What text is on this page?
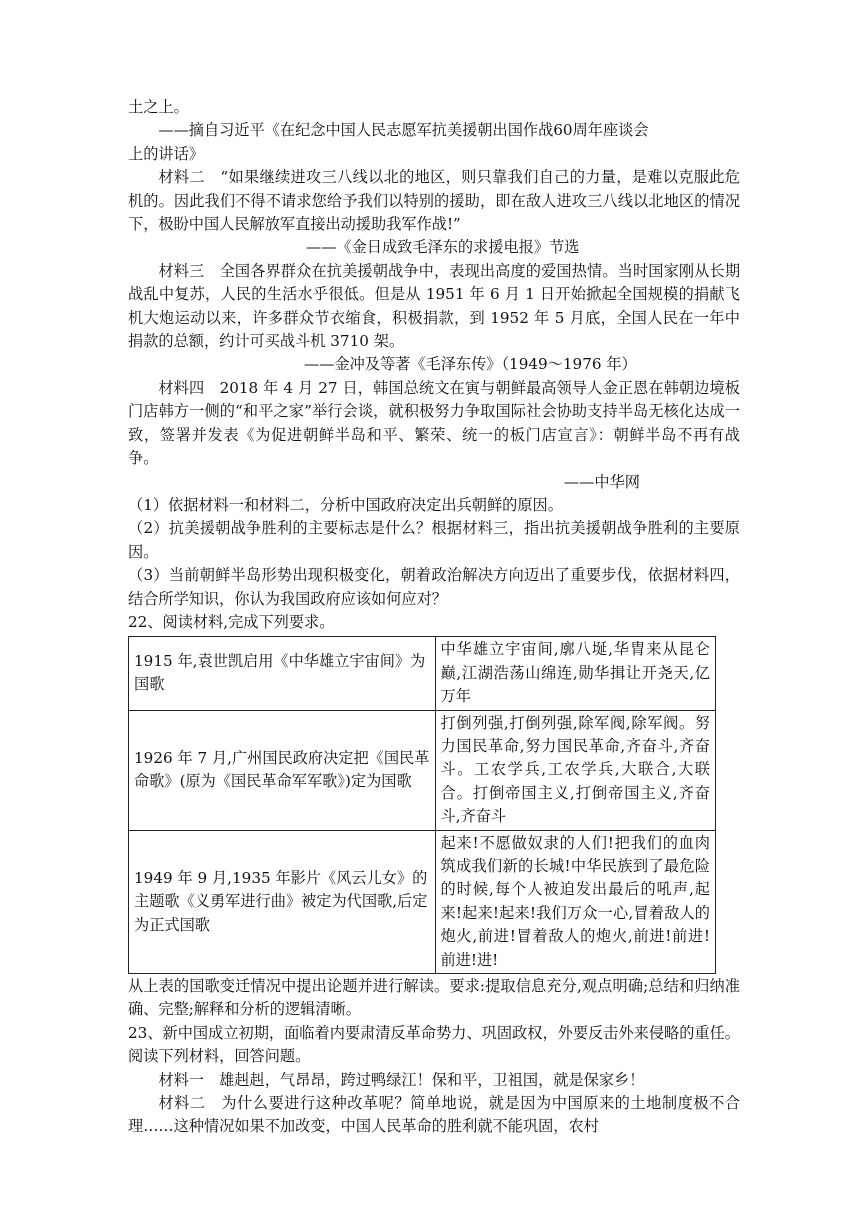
土之上。

——摘自习近平《在纪念中国人民志愿军抗美援朝出国作战60周年座谈会

上的讲话》

材料二　“如果继续进攻三八线以北的地区，则只靠我们自己的力量，是难以克服此危机的。因此我们不得不请求您给予我们以特别的援助，即在敌人进攻三八线以北地区的情况下，极盼中国人民解放军直接出动援助我军作战!”

——《金日成致毛泽东的求援电报》节选

材料三　全国各界群众在抗美援朝战争中，表现出高度的爱国热情。当时国家刚从长期战乱中复苏，人民的生活水乎很低。但是从 1951 年 6 月 1 日开始掀起全国规模的捐献飞机大炮运动以来，许多群众节衣缩食，积极捐款，到 1952 年 5 月底，全国人民在一年中捐款的总额，约计可买战斗机 3710 架。

——金冲及等著《毛泽东传》（1949～1976 年）

材料四　2018 年 4 月 27 日，韩国总统文在寅与朝鲜最高领导人金正恩在韩朝边境板门店韩方一侧的“和平之家”举行会谈，就积极努力争取国际社会协助支持半岛无核化达成一致，签署并发表《为促进朝鲜半岛和平、繁荣、统一的板门店宣言》：朝鲜半岛不再有战争。

——中华网

（1）依据材料一和材料二，分析中国政府决定出兵朝鲜的原因。

（2）抗美援朝战争胜利的主要标志是什么？根据材料三，指出抗美援朝战争胜利的主要原因。

（3）当前朝鲜半岛形势出现积极变化，朝着政治解决方向迈出了重要步伐，依据材料四，结合所学知识，你认为我国政府应该如何应对？

22、阅读材料,完成下列要求。

1915 年,袁世凯启用《中华雄立宇宙间》为国歌	中华雄立宇宙间,廓八埏,华胄来从昆仑巅,江湖浩荡山绵连,勋华揖让开尧天,亿万年
1926 年 7 月,广州国民政府决定把《国民革命歌》(原为《国民革命军军歌》)定为国歌	打倒列强,打倒列强,除军阀,除军阀。努力国民革命,努力国民革命,齐奋斗,齐奋斗。工农学兵,工农学兵,大联合,大联合。打倒帝国主义,打倒帝国主义,齐奋斗,齐奋斗
1949 年 9 月,1935 年影片《风云儿女》的主题歌《义勇军进行曲》被定为代国歌,后定为正式国歌	起来!不愿做奴隶的人们!把我们的血肉筑成我们新的长城!中华民族到了最危险的时候,每个人被迫发出最后的吼声,起来!起来!起来!我们万众一心,冒着敌人的炮火,前进!冒着敌人的炮火,前进!前进!前进!进!

从上表的国歌变迁情况中提出论题并进行解读。要求:提取信息充分,观点明确;总结和归纳准确、完整;解释和分析的逻辑清晰。

23、新中国成立初期，面临着内要肃清反革命势力、巩固政权，外要反击外来侵略的重任。阅读下列材料，回答问题。

材料一　雄赳赳，气昂昂，跨过鸭绿江！保和平，卫祖国，就是保家乡！

材料二　为什么要进行这种改革呢？简单地说，就是因为中国原来的土地制度极不合理……这种情况如果不加改变，中国人民革命的胜利就不能巩固，农村
